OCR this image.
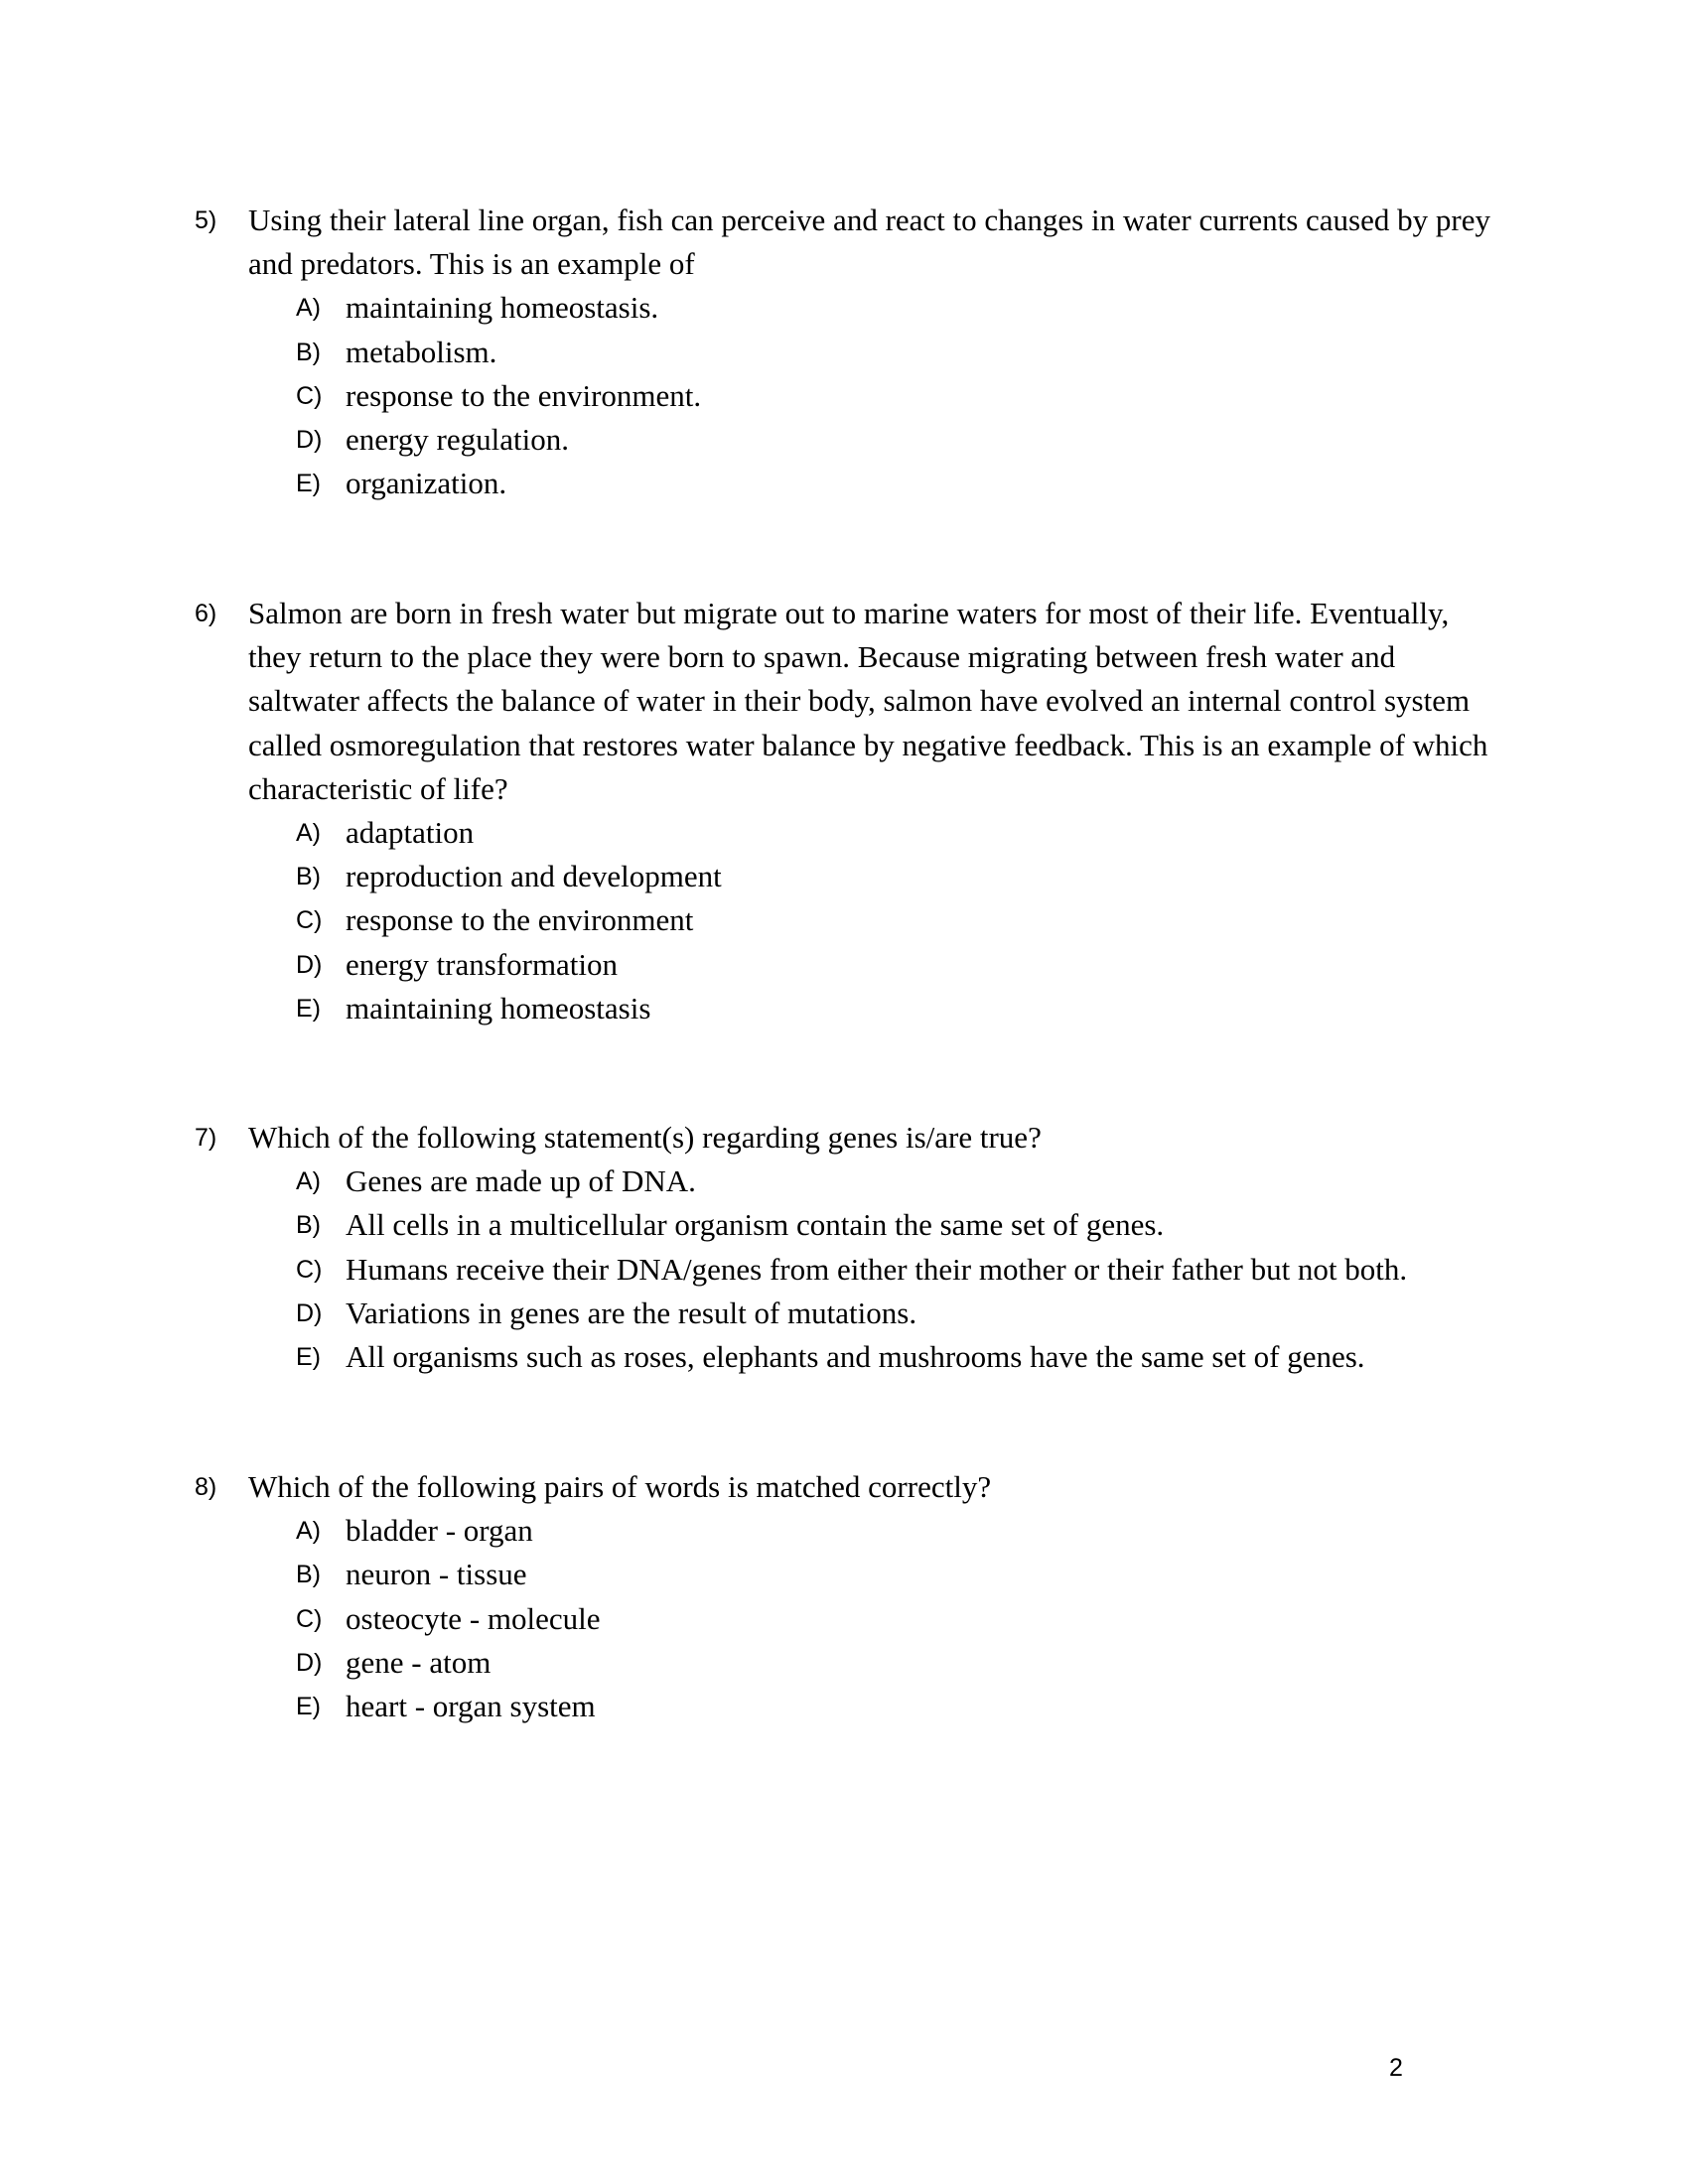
5)	Using their lateral line organ, fish can perceive and react to changes in water currents caused by prey and predators. This is an example of
A) maintaining homeostasis.
B) metabolism.
C) response to the environment.
D) energy regulation.
E) organization.
6)	Salmon are born in fresh water but migrate out to marine waters for most of their life. Eventually, they return to the place they were born to spawn. Because migrating between fresh water and saltwater affects the balance of water in their body, salmon have evolved an internal control system called osmoregulation that restores water balance by negative feedback. This is an example of which characteristic of life?
A) adaptation
B) reproduction and development
C) response to the environment
D) energy transformation
E) maintaining homeostasis
7)	Which of the following statement(s) regarding genes is/are true?
A) Genes are made up of DNA.
B) All cells in a multicellular organism contain the same set of genes.
C) Humans receive their DNA/genes from either their mother or their father but not both.
D) Variations in genes are the result of mutations.
E) All organisms such as roses, elephants and mushrooms have the same set of genes.
8)	Which of the following pairs of words is matched correctly?
A) bladder - organ
B) neuron - tissue
C) osteocyte - molecule
D) gene - atom
E) heart - organ system
2
